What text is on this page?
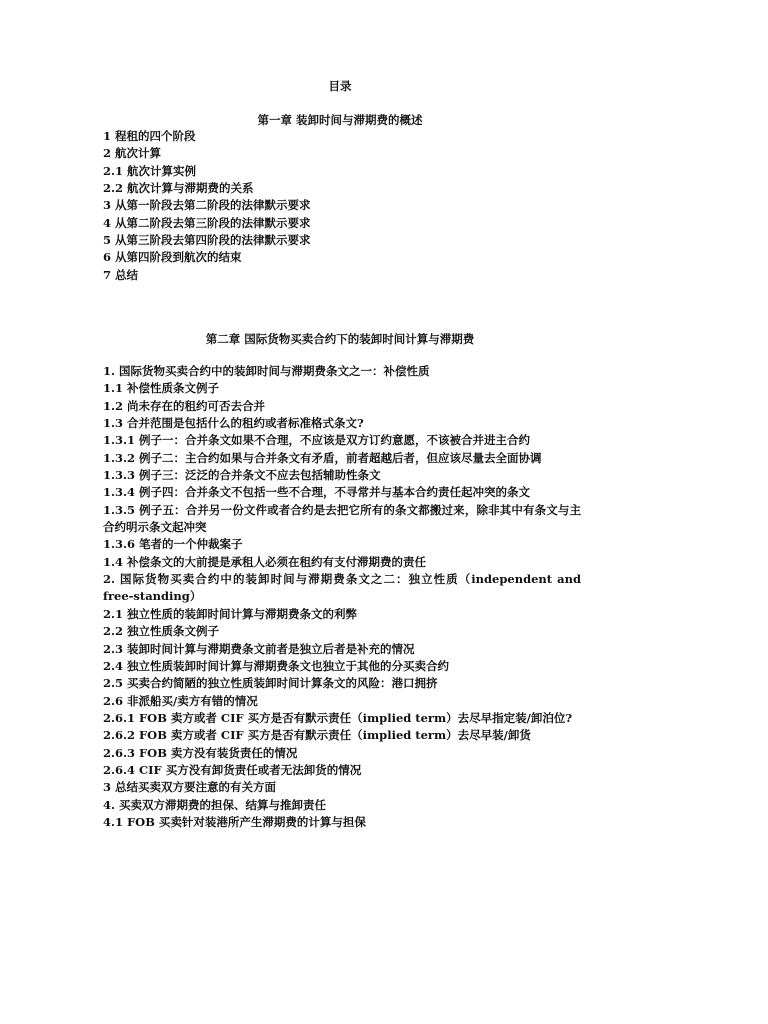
目录
第一章 装卸时间与滞期费的概述
1 程租的四个阶段
2 航次计算
2.1 航次计算实例
2.2 航次计算与滞期费的关系
3 从第一阶段去第二阶段的法律默示要求
4 从第二阶段去第三阶段的法律默示要求
5 从第三阶段去第四阶段的法律默示要求
6 从第四阶段到航次的结束
7 总结
第二章 国际货物买卖合约下的装卸时间计算与滞期费
1. 国际货物买卖合约中的装卸时间与滞期费条文之一：补偿性质
1.1 补偿性质条文例子
1.2 尚未存在的租约可否去合并
1.3 合并范围是包括什么的租约或者标准格式条文?
1.3.1 例子一：合并条文如果不合理，不应该是双方订约意愿，不该被合并进主合约
1.3.2 例子二：主合约如果与合并条文有矛盾，前者超越后者，但应该尽量去全面协调
1.3.3 例子三：泛泛的合并条文不应去包括辅助性条文
1.3.4 例子四：合并条文不包括一些不合理，不寻常并与基本合约责任起冲突的条文
1.3.5 例子五：合并另一份文件或者合约是去把它所有的条文都搬过来，除非其中有条文与主合约明示条文起冲突
1.3.6 笔者的一个仲裁案子
1.4 补偿条文的大前提是承租人必须在租约有支付滞期费的责任
2. 国际货物买卖合约中的装卸时间与滞期费条文之二：独立性质（independent and free-standing）
2.1 独立性质的装卸时间计算与滞期费条文的利弊
2.2 独立性质条文例子
2.3 装卸时间计算与滞期费条文前者是独立后者是补充的情况
2.4 独立性质装卸时间计算与滞期费条文也独立于其他的分买卖合约
2.5 买卖合约简陋的独立性质装卸时间计算条文的风险：港口拥挤
2.6 非派船买/卖方有错的情况
2.6.1 FOB 卖方或者 CIF 买方是否有默示责任（implied term）去尽早指定装/卸泊位?
2.6.2 FOB 卖方或者 CIF 买方是否有默示责任（implied term）去尽早装/卸货
2.6.3 FOB 卖方没有装货责任的情况
2.6.4 CIF 买方没有卸货责任或者无法卸货的情况
3 总结买卖双方要注意的有关方面
4. 买卖双方滞期费的担保、结算与推卸责任
4.1 FOB 买卖针对装港所产生滞期费的计算与担保
